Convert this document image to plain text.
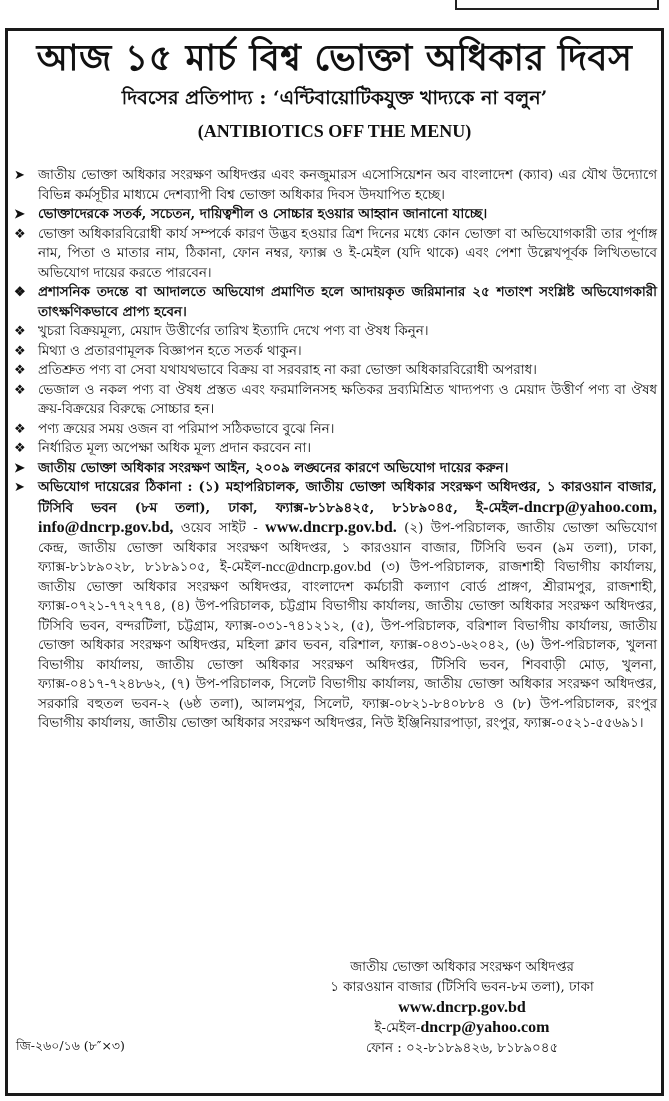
আজ ১৫ মার্চ বিশ্ব ভোক্তা অধিকার দিবস
দিবসের প্রতিপাদ্য : ‘এন্টিবায়োটিকযুক্ত খাদ্যকে না বলুন’
(ANTIBIOTICS OFF THE MENU)
➤ জাতীয় ভোক্তা অধিকার সংরক্ষণ অধিদপ্তর এবং কনজুমারস এসোসিয়েশন অব বাংলাদেশ (ক্যাব) এর যৌথ উদ্যোগে বিভিন্ন কর্মসূচীর মাধ্যমে দেশব্যাপী বিশ্ব ভোক্তা অধিকার দিবস উদযাপিত হচ্ছে।
➤ ভোক্তাদেরকে সতর্ক, সচেতন, দায়িত্বশীল ও সোচ্চার হওয়ার আহ্বান জানানো যাচ্ছে।
❖ ভোক্তা অধিকারবিরোধী কার্য সম্পর্কে কারণ উদ্ভব হওয়ার ত্রিশ দিনের মধ্যে কোন ভোক্তা বা অভিযোগকারী তার পূর্ণাঙ্গ নাম, পিতা ও মাতার নাম, ঠিকানা, ফোন নম্বর, ফ্যাক্স ও ই-মেইল (যদি থাকে) এবং পেশা উল্লেখপূর্বক লিখিতভাবে অভিযোগ দায়ের করতে পারবেন।
❖ প্রশাসনিক তদন্তে বা আদালতে অভিযোগ প্রমাণিত হলে আদায়কৃত জরিমানার ২৫ শতাংশ সংশ্লিষ্ট অভিযোগকারী তাৎক্ষণিকভাবে প্রাপ্য হবেন।
❖ খুচরা বিক্রয়মূল্য, মেয়াদ উত্তীর্ণের তারিখ ইত্যাদি দেখে পণ্য বা ঔষধ কিনুন।
❖ মিথ্যা ও প্রতারণামূলক বিজ্ঞাপন হতে সতর্ক থাকুন।
❖ প্রতিশ্রুত পণ্য বা সেবা যথাযথভাবে বিক্রয় বা সরবরাহ না করা ভোক্তা অধিকারবিরোধী অপরাধ।
❖ ভেজাল ও নকল পণ্য বা ঔষধ প্রস্তত এবং ফরমালিনসহ ক্ষতিকর দ্রব্যমিশ্রিত খাদ্যপণ্য ও মেয়াদ উত্তীর্ণ পণ্য বা ঔষধ ক্রয়-বিক্রয়ের বিরুদ্ধে সোচ্চার হন।
❖ পণ্য ক্রয়ের সময় ওজন বা পরিমাপ সঠিকভাবে বুঝে নিন।
❖ নির্ধারিত মূল্য অপেক্ষা অধিক মূল্য প্রদান করবেন না।
➤ জাতীয় ভোক্তা অধিকার সংরক্ষণ আইন, ২০০৯ লঙ্ঘনের কারণে অভিযোগ দায়ের করুন।
➤ অভিযোগ দায়েরের ঠিকানা : (১) মহাপরিচালক, জাতীয় ভোক্তা অধিকার সংরক্ষণ অধিদপ্তর, ১ কারওয়ান বাজার, টিসিবি ভবন (৮ম তলা), ঢাকা, ফ্যাক্স-৮১৮৯৪২৫, ৮১৮৯০৪৫, ই-মেইল-dncrp@yahoo.com, info@dncrp.gov.bd, ওয়েব সাইট - www.dncrp.gov.bd. (২) উপ-পরিচালক, জাতীয় ভোক্তা অভিযোগ কেন্দ্র, জাতীয় ভোক্তা অধিকার সংরক্ষণ অধিদপ্তর, ১ কারওয়ান বাজার, টিসিবি ভবন (৯ম তলা), ঢাকা, ফ্যাক্স-৮১৮৯০২৮, ৮১৮৯১০৫, ই-মেইল-ncc@dncrp.gov.bd (৩) উপ-পরিচালক, রাজশাহী বিভাগীয় কার্যালয়, জাতীয় ভোক্তা অধিকার সংরক্ষণ অধিদপ্তর, বাংলাদেশ কর্মচারী কল্যাণ বোর্ড প্রাঙ্গণ, শ্রীরামপুর, রাজশাহী, ফ্যাক্স-০৭২১-৭৭২৭৭৪, (৪) উপ-পরিচালক, চট্টগ্রাম বিভাগীয় কার্যালয়, জাতীয় ভোক্তা অধিকার সংরক্ষণ অধিদপ্তর, টিসিবি ভবন, বন্দরটিলা, চট্টগ্রাম, ফ্যাক্স-০৩১-৭৪১২১২, (৫), উপ-পরিচালক, বরিশাল বিভাগীয় কার্যালয়, জাতীয় ভোক্তা অধিকার সংরক্ষণ অধিদপ্তর, মহিলা ক্লাব ভবন, বরিশাল, ফ্যাক্স-০৪৩১-৬২০৪২, (৬) উপ-পরিচালক, খুলনা বিভাগীয় কার্যালয়, জাতীয় ভোক্তা অধিকার সংরক্ষণ অধিদপ্তর, টিসিবি ভবন, শিববাড়ী মোড়, খুলনা, ফ্যাক্স-০৪১৭-৭২৪৮৬২, (৭) উপ-পরিচালক, সিলেট বিভাগীয় কার্যালয়, জাতীয় ভোক্তা অধিকার সংরক্ষণ অধিদপ্তর, সরকারি বহুতল ভবন-২ (৬ষ্ঠ তলা), আলমপুর, সিলেট, ফ্যাক্স-০৮২১-৮৪০৮৮৪ ও (৮) উপ-পরিচালক, রংপুর বিভাগীয় কার্যালয়, জাতীয় ভোক্তা অধিকার সংরক্ষণ অধিদপ্তর, নিউ ইঞ্জিনিয়ারপাড়া, রংপুর, ফ্যাক্স-০৫২১-৫৫৬৯১।
জাতীয় ভোক্তা অধিকার সংরক্ষণ অধিদপ্তর
১ কারওয়ান বাজার (টিসিবি ভবন-৮ম তলা), ঢাকা
www.dncrp.gov.bd
ই-মেইল-dncrp@yahoo.com
ফোন : ০২-৮১৮৯৪২৬, ৮১৮৯০৪৫
জি-২৬০/১৬ (৮″×৩)
